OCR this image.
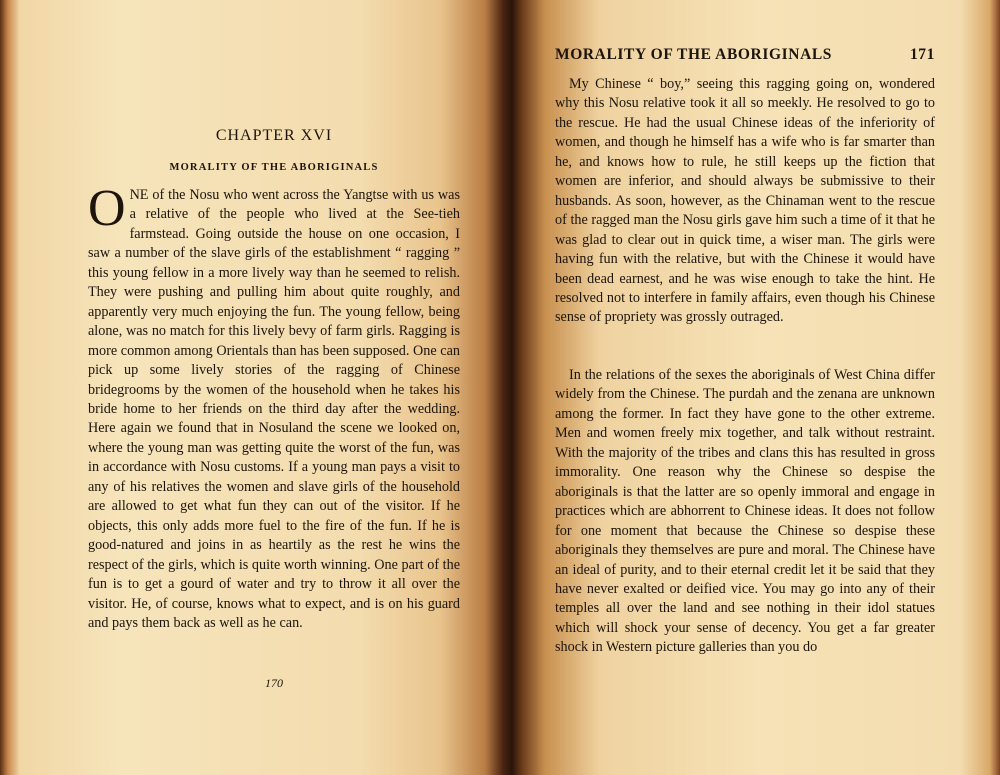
CHAPTER XVI
MORALITY OF THE ABORIGINALS

ONE of the Nosu who went across the Yangtse with us was a relative of the people who lived at the See-tieh farmstead. Going outside the house on one occasion, I saw a number of the slave girls of the establishment “ ragging ” this young fellow in a more lively way than he seemed to relish. They were pushing and pulling him about quite roughly, and apparently very much enjoying the fun. The young fellow, being alone, was no match for this lively bevy of farm girls. Ragging is more common among Orientals than has been supposed. One can pick up some lively stories of the ragging of Chinese bridegrooms by the women of the household when he takes his bride home to her friends on the third day after the wedding. Here again we found that in Nosuland the scene we looked on, where the young man was getting quite the worst of the fun, was in accordance with Nosu customs. If a young man pays a visit to any of his relatives the women and slave girls of the household are allowed to get what fun they can out of the visitor. If he objects, this only adds more fuel to the fire of the fun. If he is good-natured and joins in as heartily as the rest he wins the respect of the girls, which is quite worth winning. One part of the fun is to get a gourd of water and try to throw it all over the visitor. He, of course, knows what to expect, and is on his guard and pays them back as well as he can.

170
MORALITY OF THE ABORIGINALS	171

My Chinese “ boy,” seeing this ragging going on, wondered why this Nosu relative took it all so meekly. He resolved to go to the rescue. He had the usual Chinese ideas of the inferiority of women, and though he himself has a wife who is far smarter than he, and knows how to rule, he still keeps up the fiction that women are inferior, and should always be submissive to their husbands. As soon, however, as the Chinaman went to the rescue of the ragged man the Nosu girls gave him such a time of it that he was glad to clear out in quick time, a wiser man. The girls were having fun with the relative, but with the Chinese it would have been dead earnest, and he was wise enough to take the hint. He resolved not to interfere in family affairs, even though his Chinese sense of propriety was grossly outraged.

In the relations of the sexes the aboriginals of West China differ widely from the Chinese. The purdah and the zenana are unknown among the former. In fact they have gone to the other extreme. Men and women freely mix together, and talk without restraint. With the majority of the tribes and clans this has resulted in gross immorality. One reason why the Chinese so despise the aboriginals is that the latter are so openly immoral and engage in practices which are abhorrent to Chinese ideas. It does not follow for one moment that because the Chinese so despise these aboriginals they themselves are pure and moral. The Chinese have an ideal of purity, and to their eternal credit let it be said that they have never exalted or deified vice. You may go into any of their temples all over the land and see nothing in their idol statues which will shock your sense of decency. You get a far greater shock in Western picture galleries than you do
